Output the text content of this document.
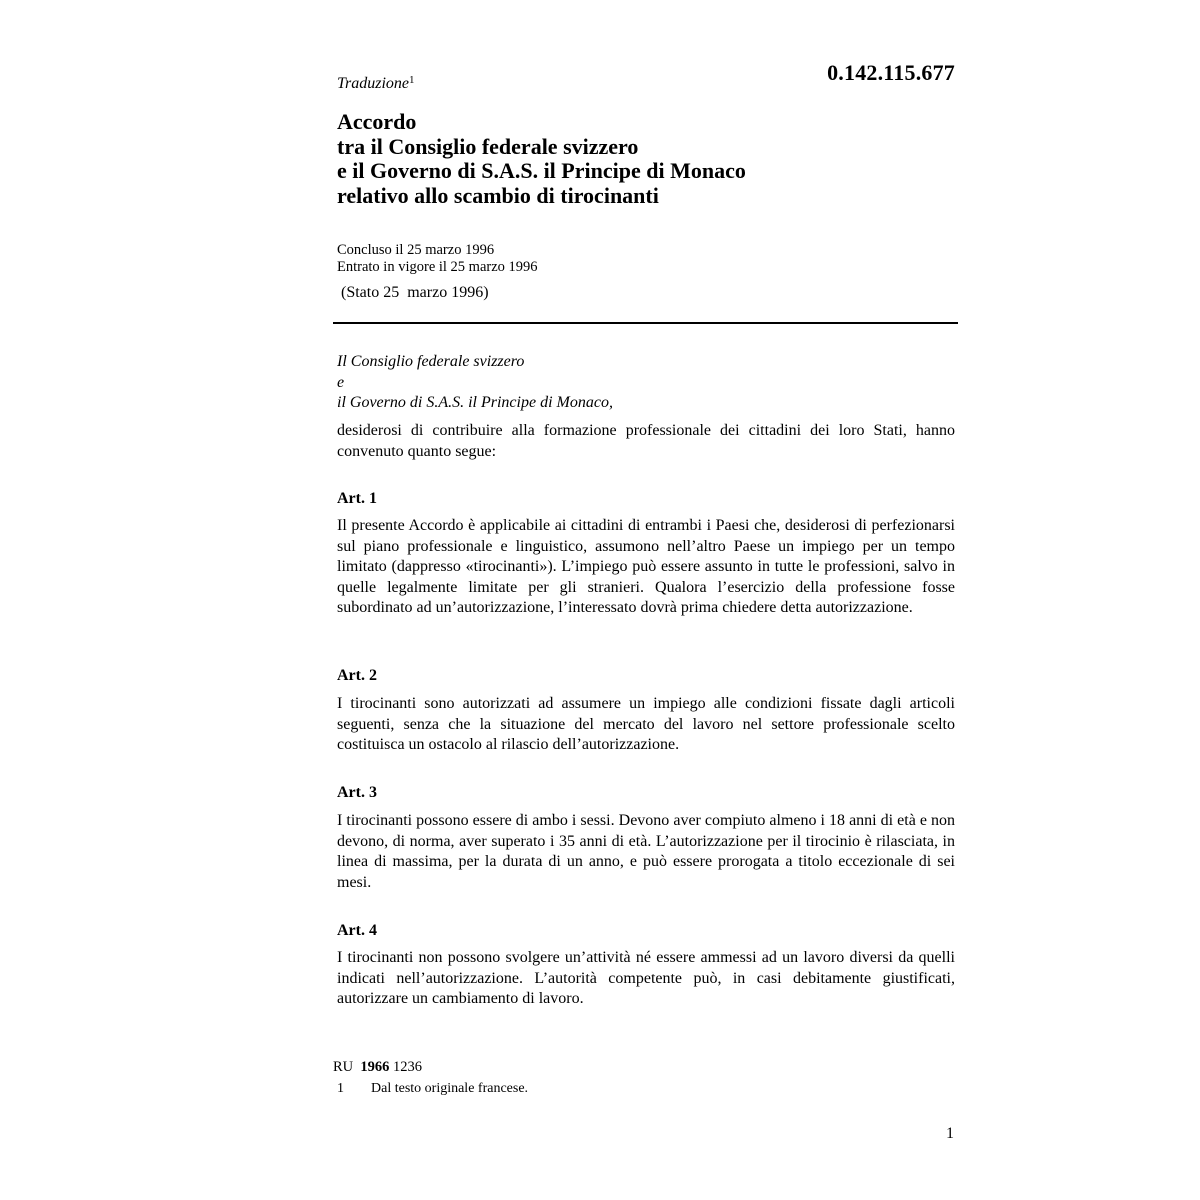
0.142.115.677
Traduzione$^1$
Accordo
tra il Consiglio federale svizzero
e il Governo di S.A.S. il Principe di Monaco
relativo allo scambio di tirocinanti
Concluso il 25 marzo 1996
Entrato in vigore il 25 marzo 1996
(Stato 25  marzo 1996)
Il Consiglio federale svizzero
e
il Governo di S.A.S. il Principe di Monaco,
desiderosi di contribuire alla formazione professionale dei cittadini dei loro Stati, hanno convenuto quanto segue:
Art. 1
Il presente Accordo è applicabile ai cittadini di entrambi i Paesi che, desiderosi di perfezionarsi sul piano professionale e linguistico, assumono nell’altro Paese un impiego per un tempo limitato (dappresso «tirocinanti»). L’impiego può essere assunto in tutte le professioni, salvo in quelle legalmente limitate per gli stranieri. Qualora l’esercizio della professione fosse subordinato ad un’autorizzazione, l’interessato dovrà prima chiedere detta autorizzazione.
Art. 2
I tirocinanti sono autorizzati ad assumere un impiego alle condizioni fissate dagli articoli seguenti, senza che la situazione del mercato del lavoro nel settore professionale scelto costituisca un ostacolo al rilascio dell’autorizzazione.
Art. 3
I tirocinanti possono essere di ambo i sessi. Devono aver compiuto almeno i 18 anni di età e non devono, di norma, aver superato i 35 anni di età. L’autorizzazione per il tirocinio è rilasciata, in linea di massima, per la durata di un anno, e può essere prorogata a titolo eccezionale di sei mesi.
Art. 4
I tirocinanti non possono svolgere un’attività né essere ammessi ad un lavoro diversi da quelli indicati nell’autorizzazione. L’autorità competente può, in casi debitamente giustificati, autorizzare un cambiamento di lavoro.
RU 1966 1236
1 Dal testo originale francese.
1
